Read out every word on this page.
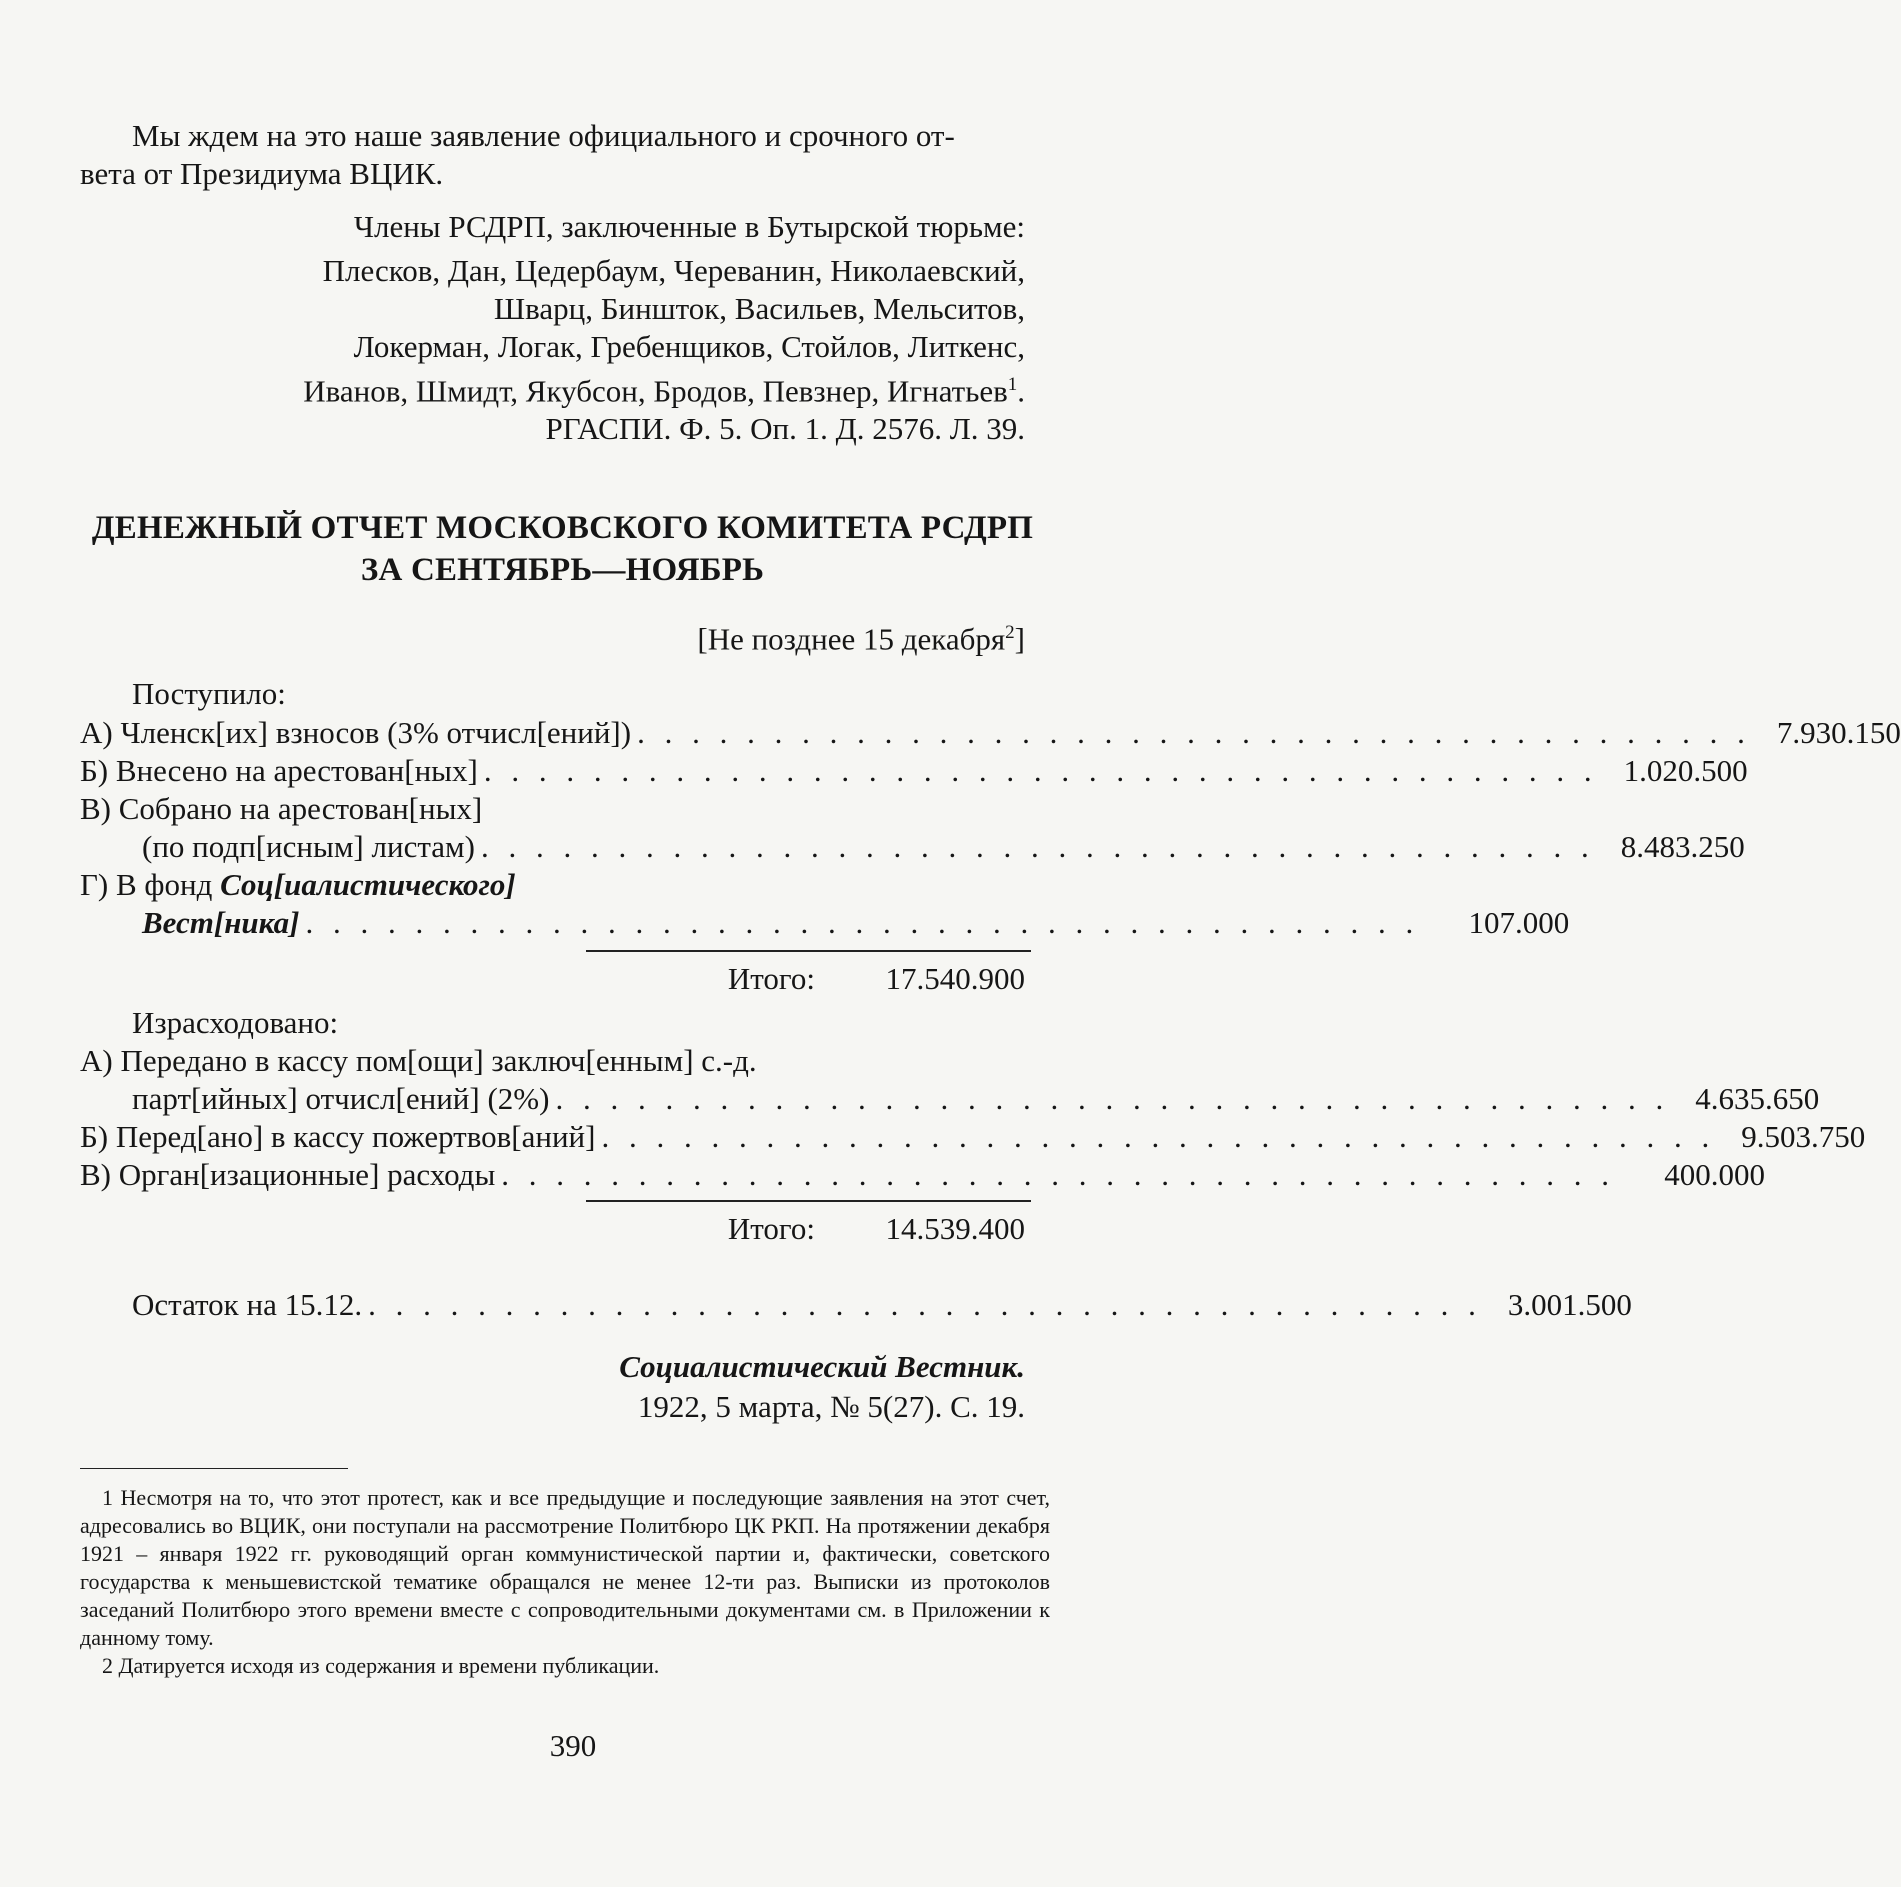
Мы ждем на это наше заявление официального и срочного от-
вета от Президиума ВЦИК.
Члены РСДРП, заключенные в Бутырской тюрьме:
Плесков, Дан, Цедербаум, Череванин, Николаевский,
Шварц, Биншток, Васильев, Мельситов,
Локерман, Логак, Гребенщиков, Стойлов, Литкенс,
Иванов, Шмидт, Якубсон, Бродов, Певзнер, Игнатьев$^1$.
РГАСПИ. Ф. 5. Оп. 1. Д. 2576. Л. 39.
ДЕНЕЖНЫЙ ОТЧЕТ МОСКОВСКОГО КОМИТЕТА РСДРП
ЗА СЕНТЯБРЬ—НОЯБРЬ
[Не позднее 15 декабря$^2$]
Поступило:
А) Членск[их] взносов (3% отчисл[ений]) . . . . . . . . . . . . . . . . . . . . . . . . . . . . . . . . . . . . . . . . . 7.930.150
Б) Внесено на арестован[ных] . . . . . . . . . . . . . . . . . . . . . . . . . . . . . . . . . . . . . . . . . 1.020.500
В) Собрано на арестован[ных]
(по подп[исным] листам) . . . . . . . . . . . . . . . . . . . . . . . . . . . . . . . . . . . . . . . . . 8.483.250
Г) В фонд Соц[иалистического]
Вест[ника] . . . . . . . . . . . . . . . . . . . . . . . . . . . . . . . . . . . . . . . . .	107.000
Итого:	17.540.900
Израсходовано:
А) Передано в кассу пом[ощи] заключ[енным] с.-д.
парт[ийных] отчисл[ений] (2%) . . . . . . . . . . . . . . . . . . . . . . . . . . . . . . . . . . . . . . . . . 4.635.650
Б) Перед[ано] в кассу пожертвов[аний] . . . . . . . . . . . . . . . . . . . . . . . . . . . . . . . . . . . . . . . . . 9.503.750
В) Орган[изационные] расходы . . . . . . . . . . . . . . . . . . . . . . . . . . . . . . . . . . . . . . . . .	400.000
Итого:	14.539.400
Остаток на 15.12. . . . . . . . . . . . . . . . . . . . . . . . . . . . . . . . . . . . . . . . . . 3.001.500
Социалистический Вестник.
1922, 5 марта, № 5(27). С. 19.
1 Несмотря на то, что этот протест, как и все предыдущие и последующие заявления на этот счет, адресовались во ВЦИК, они поступали на рассмотрение Политбюро ЦК РКП. На протяжении декабря 1921 – января 1922 гг. руководящий орган коммунистической партии и, фактически, советского государства к меньшевистской тематике обращался не менее 12-ти раз. Выписки из протоколов заседаний Политбюро этого времени вместе с сопроводительными документами см. в Приложении к данному тому.
2 Датируется исходя из содержания и времени публикации.
390
